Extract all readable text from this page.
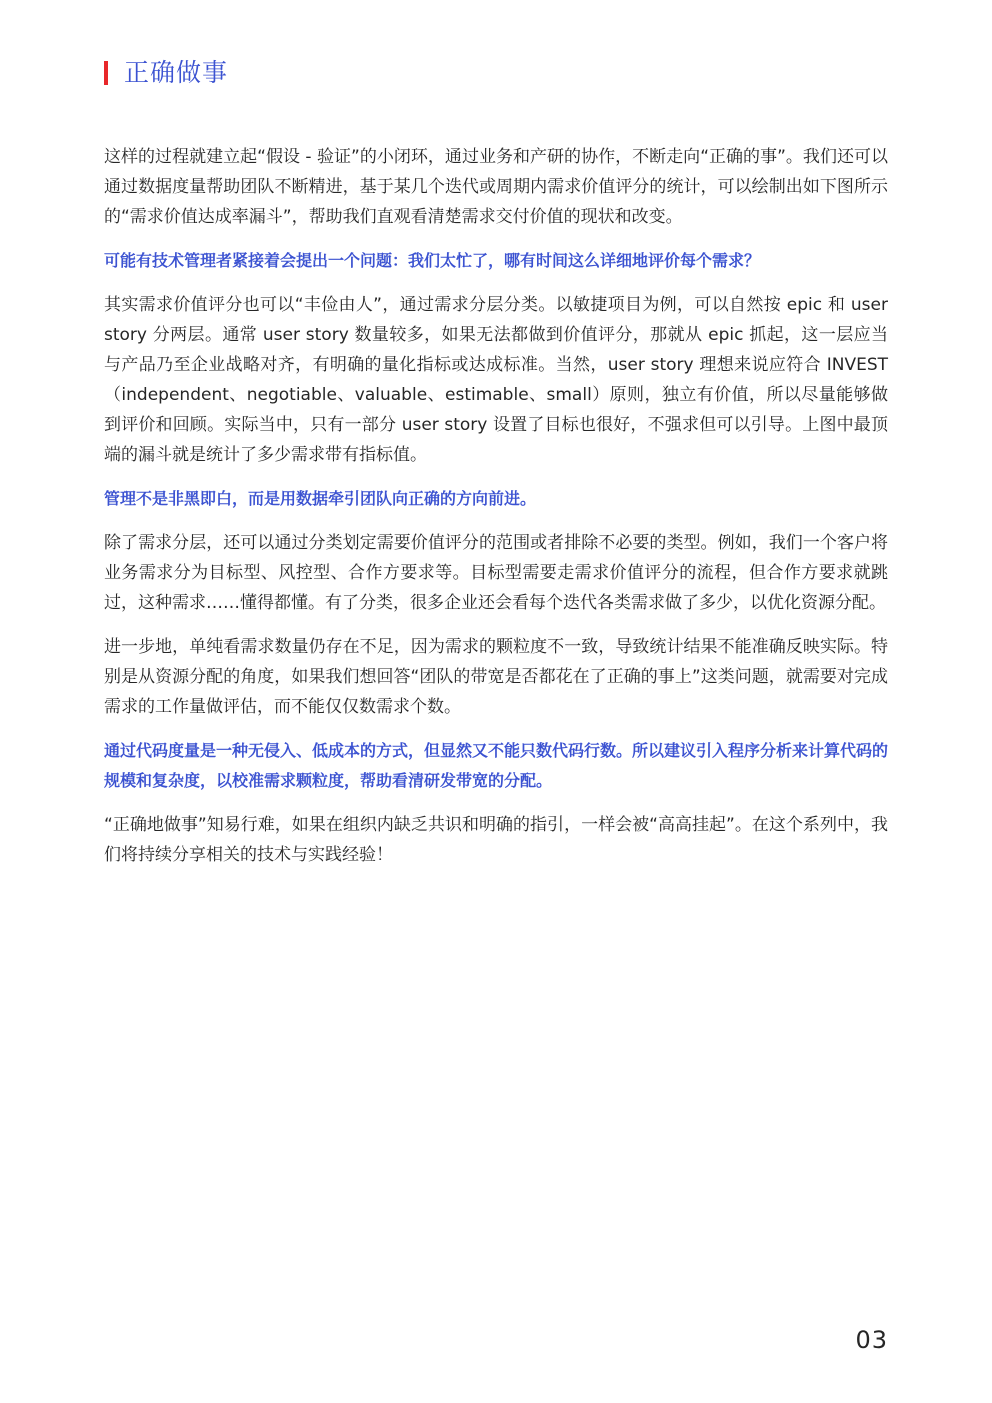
正确做事

这样的过程就建立起“假设 - 验证”的小闭环，通过业务和产研的协作，不断走向“正确的事”。我们还可以通过数据度量帮助团队不断精进，基于某几个迭代或周期内需求价值评分的统计，可以绘制出如下图所示的“需求价值达成率漏斗”，帮助我们直观看清楚需求交付价值的现状和改变。

可能有技术管理者紧接着会提出一个问题：我们太忙了，哪有时间这么详细地评价每个需求？

其实需求价值评分也可以“丰俭由人”，通过需求分层分类。以敏捷项目为例，可以自然按 epic 和 user story 分两层。通常 user story 数量较多，如果无法都做到价值评分，那就从 epic 抓起，这一层应当与产品乃至企业战略对齐，有明确的量化指标或达成标准。当然，user story 理想来说应符合 INVEST（independent、negotiable、valuable、estimable、small）原则，独立有价值，所以尽量能够做到评价和回顾。实际当中，只有一部分 user story 设置了目标也很好，不强求但可以引导。上图中最顶端的漏斗就是统计了多少需求带有指标值。

管理不是非黑即白，而是用数据牵引团队向正确的方向前进。

除了需求分层，还可以通过分类划定需要价值评分的范围或者排除不必要的类型。例如，我们一个客户将业务需求分为目标型、风控型、合作方要求等。目标型需要走需求价值评分的流程，但合作方要求就跳过，这种需求……懂得都懂。有了分类，很多企业还会看每个迭代各类需求做了多少，以优化资源分配。

进一步地，单纯看需求数量仍存在不足，因为需求的颗粒度不一致，导致统计结果不能准确反映实际。特别是从资源分配的角度，如果我们想回答“团队的带宽是否都花在了正确的事上”这类问题，就需要对完成需求的工作量做评估，而不能仅仅数需求个数。

通过代码度量是一种无侵入、低成本的方式，但显然又不能只数代码行数。所以建议引入程序分析来计算代码的规模和复杂度，以校准需求颗粒度，帮助看清研发带宽的分配。

“正确地做事”知易行难，如果在组织内缺乏共识和明确的指引，一样会被“高高挂起”。在这个系列中，我们将持续分享相关的技术与实践经验！

03
